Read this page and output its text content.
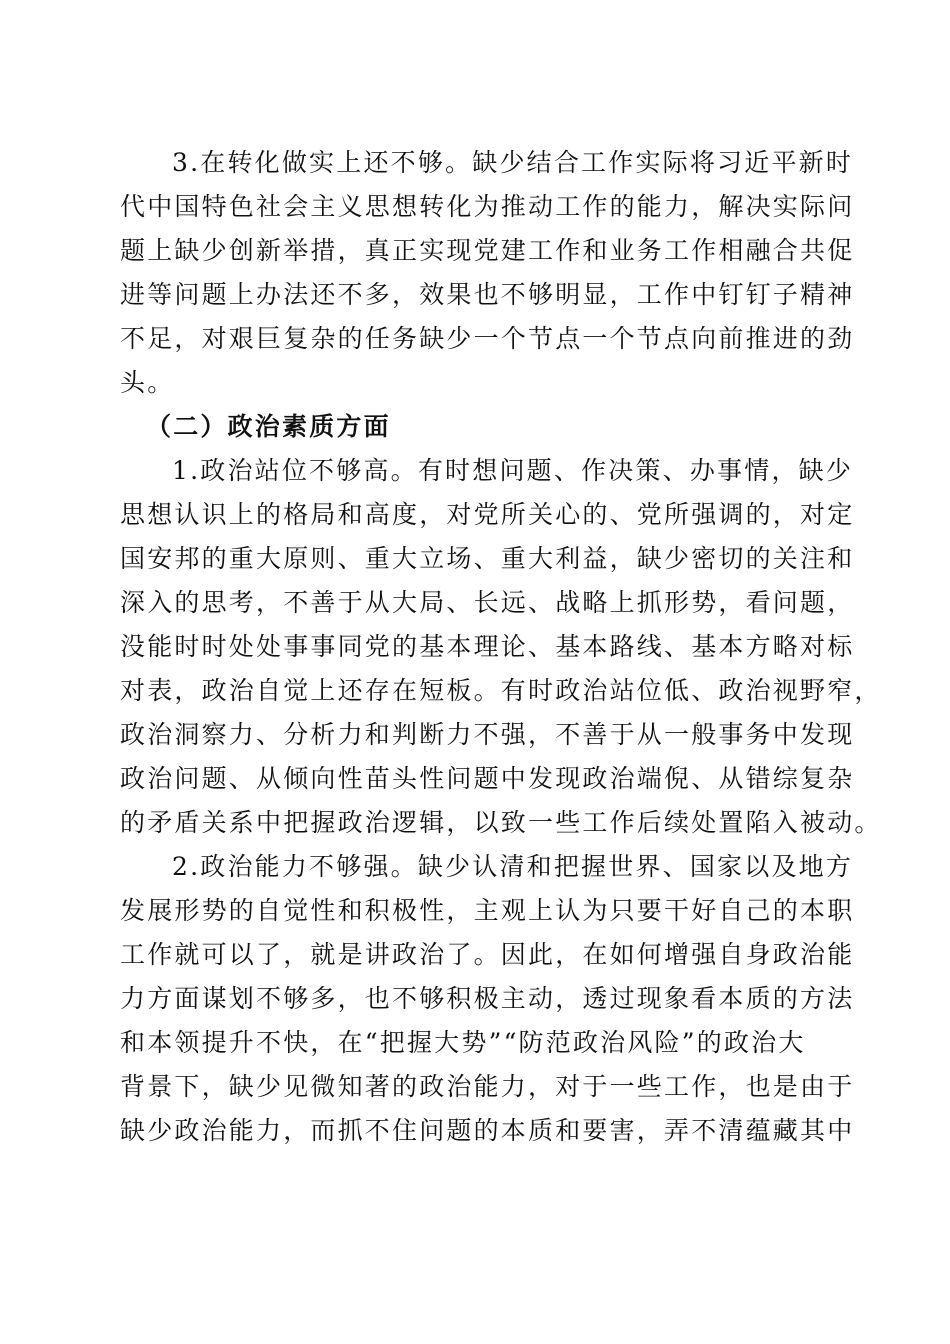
3.在转化做实上还不够。缺少结合工作实际将习近平新时

代中国特色社会主义思想转化为推动工作的能力，解决实际问

题上缺少创新举措，真正实现党建工作和业务工作相融合共促

进等问题上办法还不多，效果也不够明显，工作中钉钉子精神

不足，对艰巨复杂的任务缺少一个节点一个节点向前推进的劲

头。

（二）政治素质方面

1.政治站位不够高。有时想问题、作决策、办事情，缺少

思想认识上的格局和高度，对党所关心的、党所强调的，对定

国安邦的重大原则、重大立场、重大利益，缺少密切的关注和

深入的思考，不善于从大局、长远、战略上抓形势，看问题，

没能时时处处事事同党的基本理论、基本路线、基本方略对标

对表，政治自觉上还存在短板。有时政治站位低、政治视野窄，

政治洞察力、分析力和判断力不强，不善于从一般事务中发现

政治问题、从倾向性苗头性问题中发现政治端倪、从错综复杂

的矛盾关系中把握政治逻辑，以致一些工作后续处置陷入被动。

2.政治能力不够强。缺少认清和把握世界、国家以及地方

发展形势的自觉性和积极性，主观上认为只要干好自己的本职

工作就可以了，就是讲政治了。因此，在如何增强自身政治能

力方面谋划不够多，也不够积极主动，透过现象看本质的方法

和本领提升不快，在“把握大势”“防范政治风险”的政治大

背景下，缺少见微知著的政治能力，对于一些工作，也是由于

缺少政治能力，而抓不住问题的本质和要害，弄不清蕴藏其中
